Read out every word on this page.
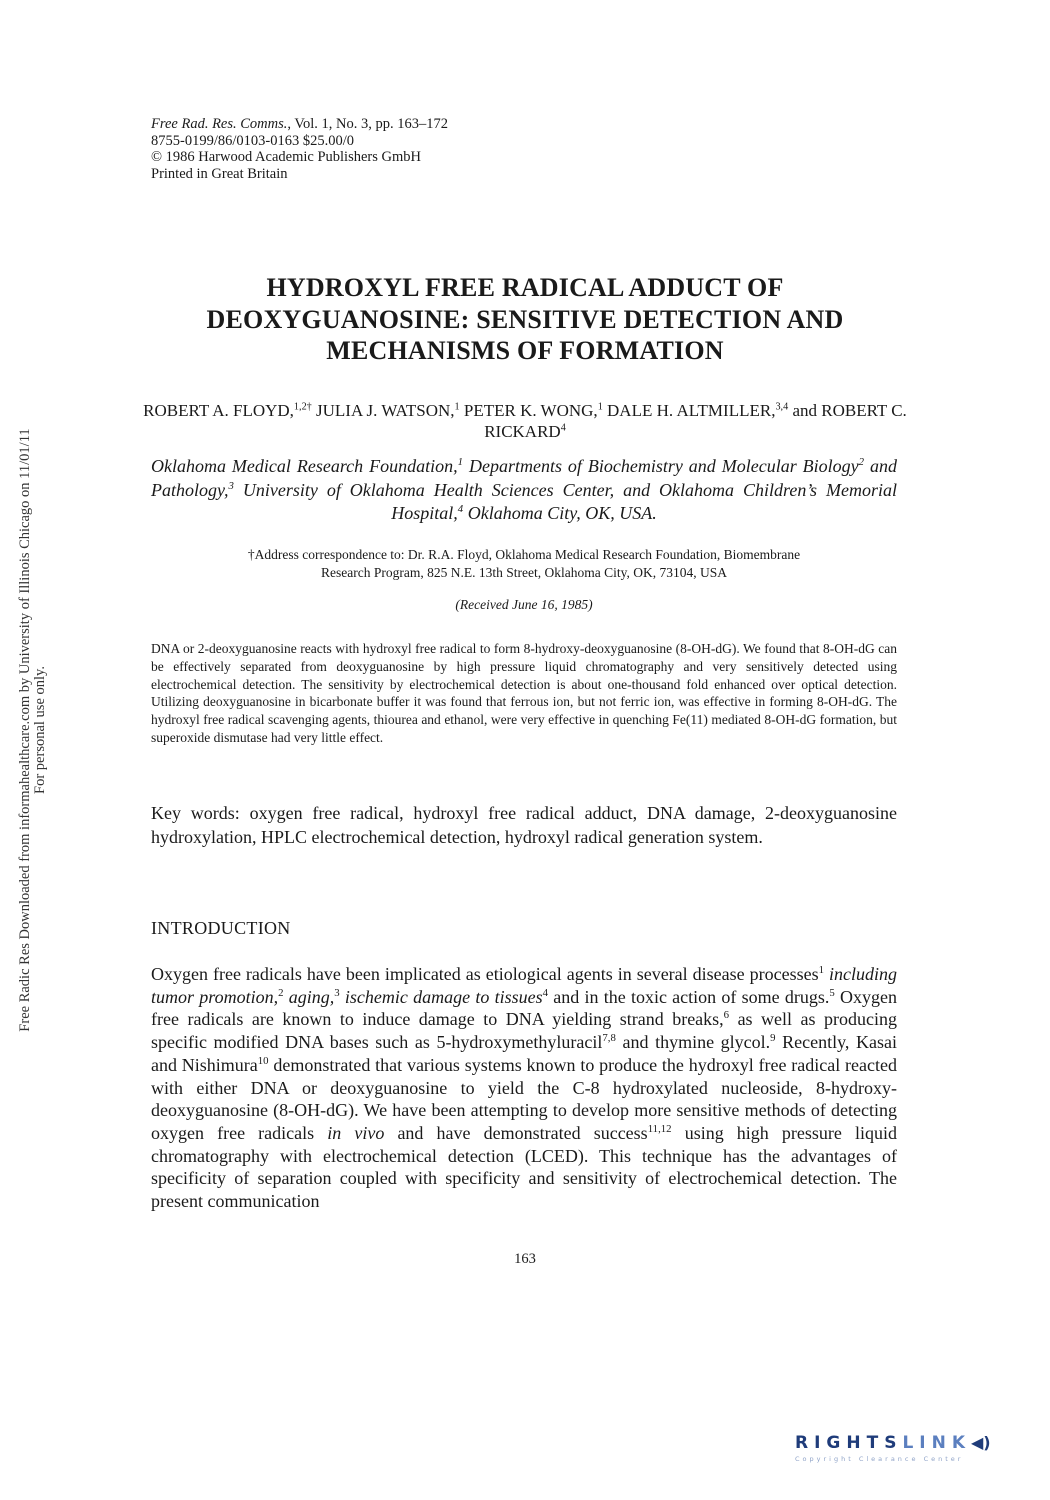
Free Radic Res Downloaded from informahealthcare.com by University of Illinois Chicago on 11/01/11 For personal use only.
Free Rad. Res. Comms., Vol. 1, No. 3, pp. 163–172
8755-0199/86/0103-0163 $25.00/0
© 1986 Harwood Academic Publishers GmbH
Printed in Great Britain
HYDROXYL FREE RADICAL ADDUCT OF
DEOXYGUANOSINE: SENSITIVE DETECTION AND
MECHANISMS OF FORMATION
ROBERT A. FLOYD,$^{1,2\dagger}$ JULIA J. WATSON,$^1$ PETER K. WONG,$^1$ DALE H. ALTMILLER,$^{3,4}$ and ROBERT C. RICKARD$^4$
Oklahoma Medical Research Foundation,$^1$ Departments of Biochemistry and Molecular Biology$^2$ and Pathology,$^3$ University of Oklahoma Health Sciences Center, and Oklahoma Children’s Memorial Hospital,$^4$ Oklahoma City, OK, USA.
†Address correspondence to: Dr. R.A. Floyd, Oklahoma Medical Research Foundation, Biomembrane
Research Program, 825 N.E. 13th Street, Oklahoma City, OK, 73104, USA
(Received June 16, 1985)
DNA or 2-deoxyguanosine reacts with hydroxyl free radical to form 8-hydroxy-deoxyguanosine (8-OH-dG). We found that 8-OH-dG can be effectively separated from deoxyguanosine by high pressure liquid chromatography and very sensitively detected using electrochemical detection. The sensitivity by electrochemical detection is about one-thousand fold enhanced over optical detection. Utilizing deoxyguanosine in bicarbonate buffer it was found that ferrous ion, but not ferric ion, was effective in forming 8-OH-dG. The hydroxyl free radical scavenging agents, thiourea and ethanol, were very effective in quenching Fe(11) mediated 8-OH-dG formation, but superoxide dismutase had very little effect.
Key words: oxygen free radical, hydroxyl free radical adduct, DNA damage, 2-deoxyguanosine hydroxylation, HPLC electrochemical detection, hydroxyl radical generation system.
INTRODUCTION
Oxygen free radicals have been implicated as etiological agents in several disease processes$^1$ including tumor promotion,$^2$ aging,$^3$ ischemic damage to tissues$^4$ and in the toxic action of some drugs.$^5$ Oxygen free radicals are known to induce damage to DNA yielding strand breaks,$^6$ as well as producing specific modified DNA bases such as 5-hydroxymethyluracil$^{7,8}$ and thymine glycol.$^9$ Recently, Kasai and Nishimura$^{10}$ demonstrated that various systems known to produce the hydroxyl free radical reacted with either DNA or deoxyguanosine to yield the C-8 hydroxylated nucleoside, 8-hydroxy-deoxyguanosine (8-OH-dG). We have been attempting to develop more sensitive methods of detecting oxygen free radicals in vivo and have demonstrated success$^{11,12}$ using high pressure liquid chromatography with electrochemical detection (LCED). This technique has the advantages of specificity of separation coupled with specificity and sensitivity of electrochemical detection. The present communication
163
RIGHTSLINK◀)
Copyright Clearance Center
